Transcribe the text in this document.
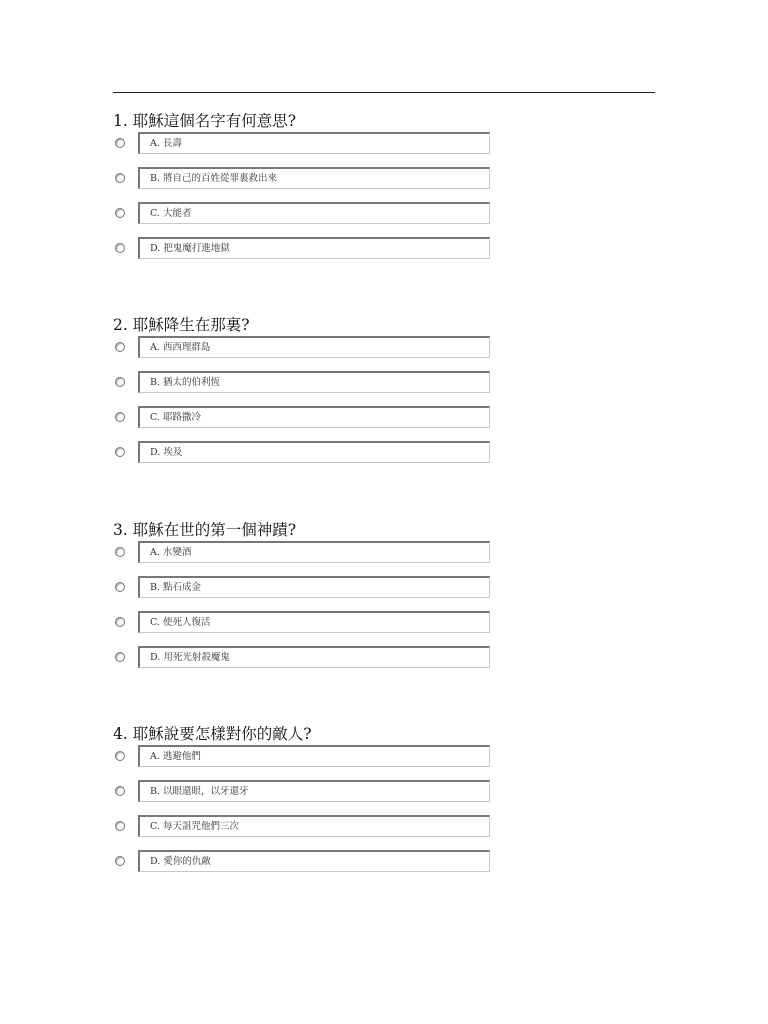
1. 耶穌這個名字有何意思?
A. 長壽
B. 將自己的百姓從罪裏救出來
C. 大能者
D. 把鬼魔打進地獄
2. 耶穌降生在那裏?
A. 西西理群島
B. 猶太的伯利恆
C. 耶路撒冷
D. 埃及
3. 耶穌在世的第一個神蹟?
A. 水變酒
B. 點石成金
C. 使死人復活
D. 用死光射殺魔鬼
4. 耶穌說要怎樣對你的敵人?
A. 逃避他們
B. 以眼還眼，以牙還牙
C. 每天詛咒他們三次
D. 愛你的仇敵
